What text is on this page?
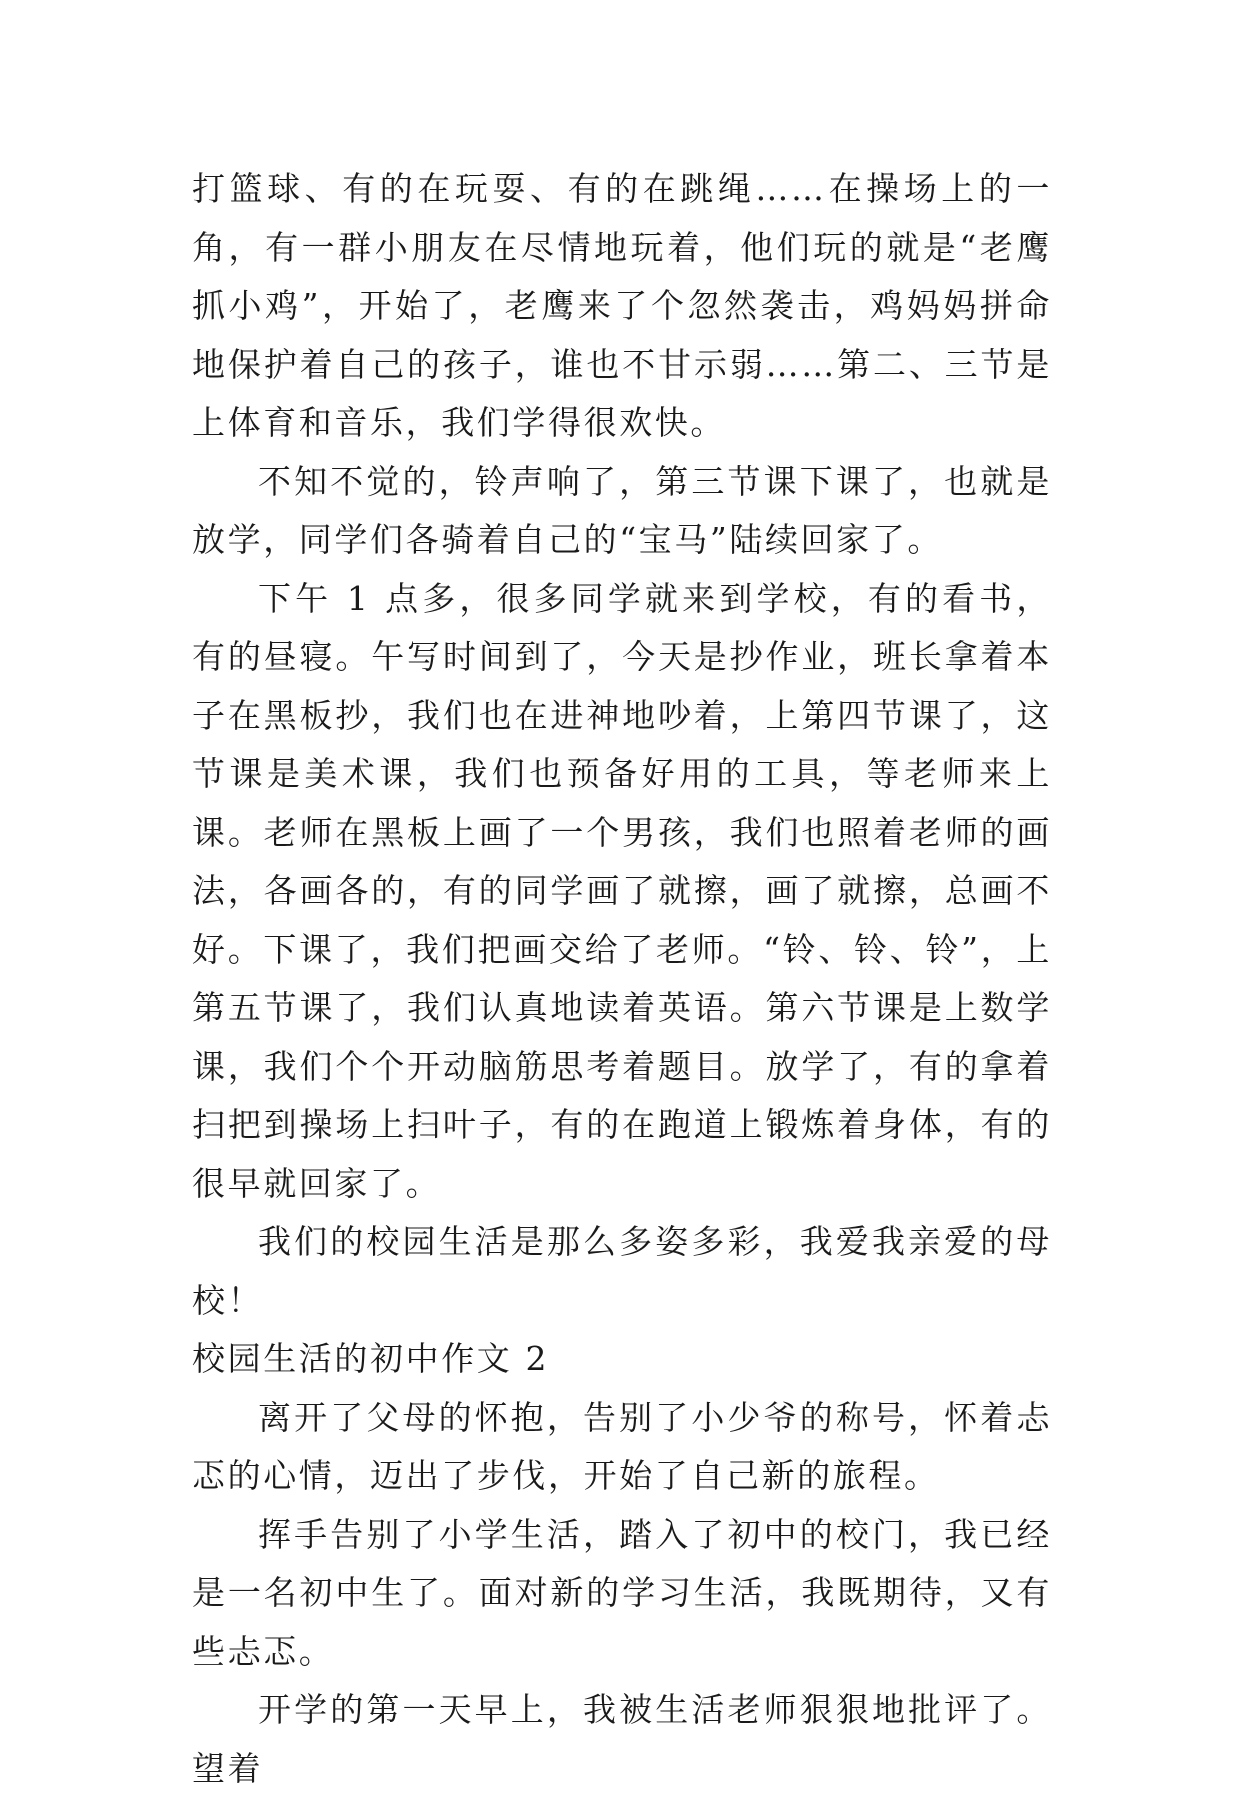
打篮球、有的在玩耍、有的在跳绳……在操场上的一角，有一群小朋友在尽情地玩着，他们玩的就是“老鹰抓小鸡”，开始了，老鹰来了个忽然袭击，鸡妈妈拼命地保护着自己的孩子，谁也不甘示弱……第二、三节是上体育和音乐，我们学得很欢快。

不知不觉的，铃声响了，第三节课下课了，也就是放学，同学们各骑着自己的“宝马”陆续回家了。

下午 1 点多，很多同学就来到学校，有的看书，有的昼寝。午写时间到了，今天是抄作业，班长拿着本子在黑板抄，我们也在进神地吵着，上第四节课了，这节课是美术课，我们也预备好用的工具，等老师来上课。老师在黑板上画了一个男孩，我们也照着老师的画法，各画各的，有的同学画了就擦，画了就擦，总画不好。下课了，我们把画交给了老师。“铃、铃、铃”，上第五节课了，我们认真地读着英语。第六节课是上数学课，我们个个开动脑筋思考着题目。放学了，有的拿着扫把到操场上扫叶子，有的在跑道上锻炼着身体，有的很早就回家了。

我们的校园生活是那么多姿多彩，我爱我亲爱的母校！

校园生活的初中作文 2

离开了父母的怀抱，告别了小少爷的称号，怀着忐忑的心情，迈出了步伐，开始了自己新的旅程。

挥手告别了小学生活，踏入了初中的校门，我已经是一名初中生了。面对新的学习生活，我既期待，又有些忐忑。

开学的第一天早上，我被生活老师狠狠地批评了。望着
